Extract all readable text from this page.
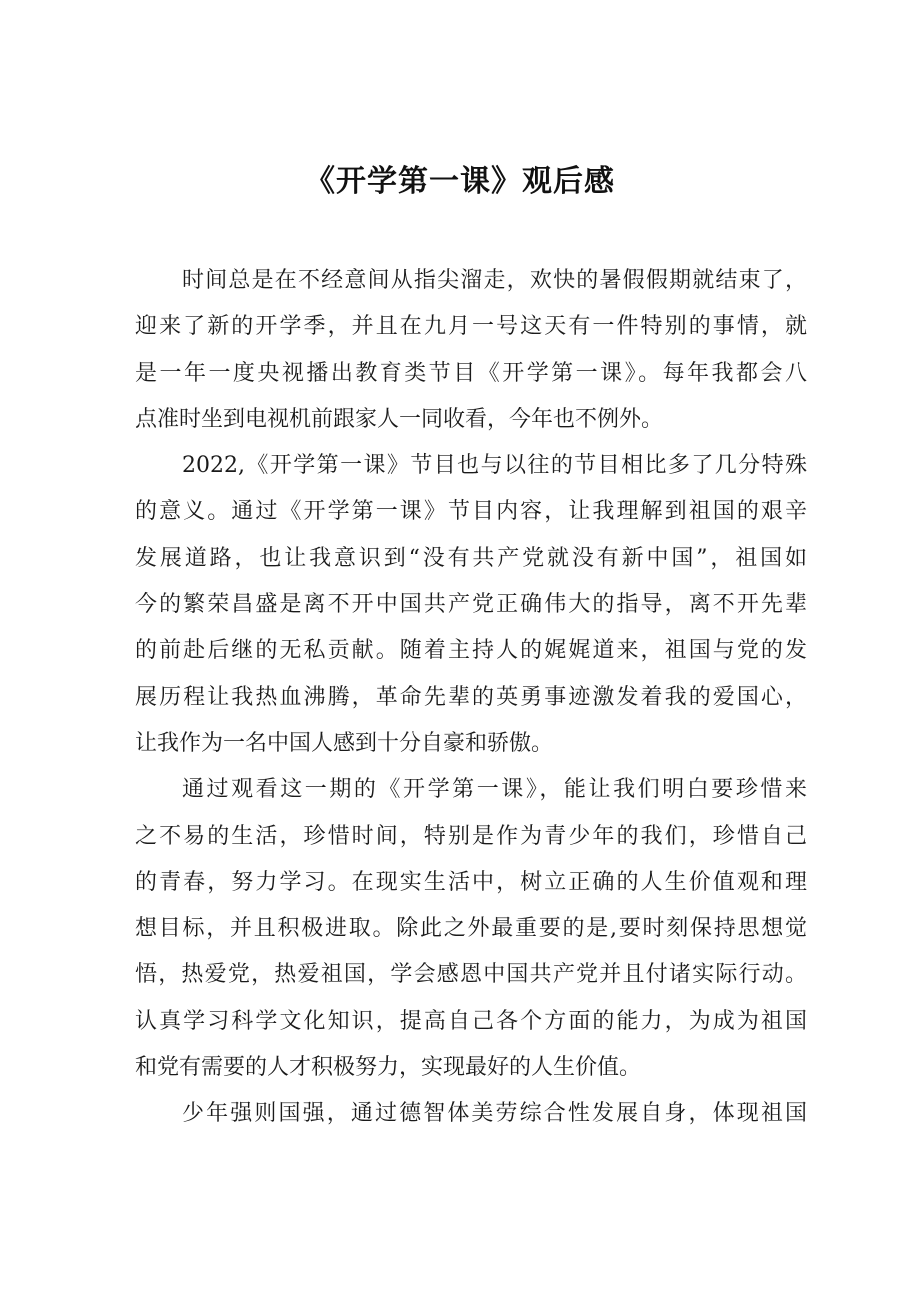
《开学第一课》观后感
时间总是在不经意间从指尖溜走，欢快的暑假假期就结束了，
迎来了新的开学季，并且在九月一号这天有一件特别的事情，就
是一年一度央视播出教育类节目《开学第一课》。每年我都会八
点准时坐到电视机前跟家人一同收看，今年也不例外。
2022,《开学第一课》节目也与以往的节目相比多了几分特殊
的意义。通过《开学第一课》节目内容，让我理解到祖国的艰辛
发展道路，也让我意识到“没有共产党就没有新中国”，祖国如
今的繁荣昌盛是离不开中国共产党正确伟大的指导，离不开先辈
的前赴后继的无私贡献。随着主持人的娓娓道来，祖国与党的发
展历程让我热血沸腾，革命先辈的英勇事迹激发着我的爱国心，
让我作为一名中国人感到十分自豪和骄傲。
通过观看这一期的《开学第一课》，能让我们明白要珍惜来
之不易的生活，珍惜时间，特别是作为青少年的我们，珍惜自己
的青春，努力学习。在现实生活中，树立正确的人生价值观和理
想目标，并且积极进取。除此之外最重要的是,要时刻保持思想觉
悟，热爱党，热爱祖国，学会感恩中国共产党并且付诸实际行动。
认真学习科学文化知识，提高自己各个方面的能力，为成为祖国
和党有需要的人才积极努力，实现最好的人生价值。
少年强则国强，通过德智体美劳综合性发展自身，体现祖国
